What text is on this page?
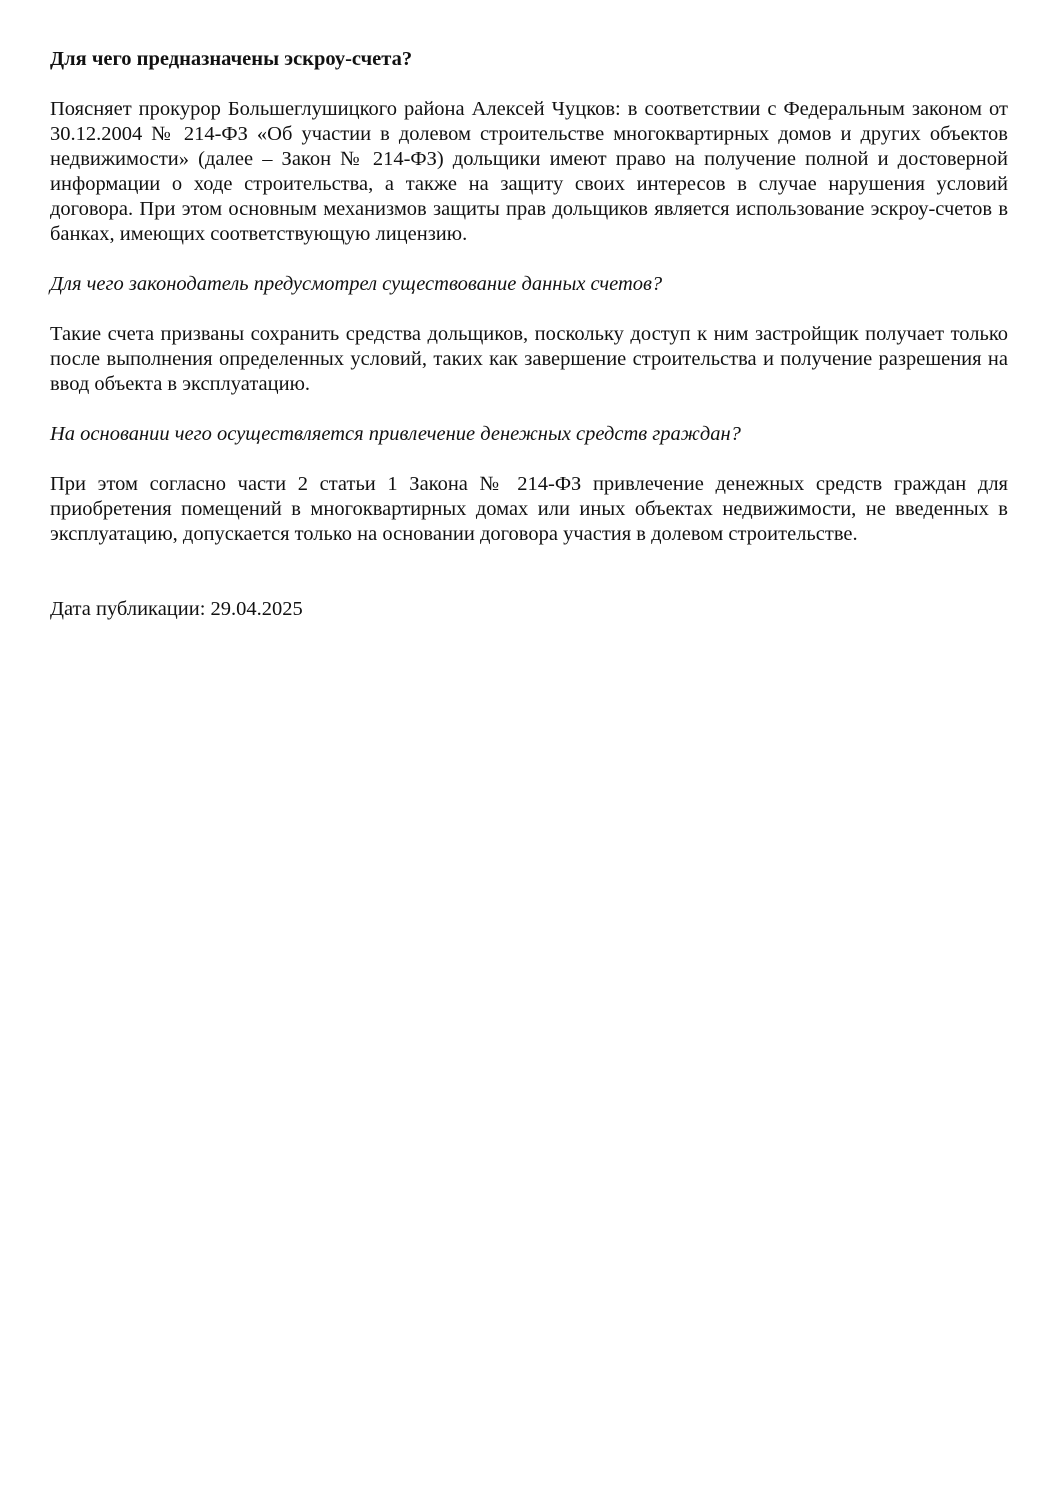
Для чего предназначены эскроу-счета?

Поясняет прокурор Большеглушицкого района Алексей Чуцков: в соответствии с Федеральным законом от 30.12.2004 № 214-ФЗ «Об участии в долевом строительстве многоквартирных домов и других объектов недвижимости» (далее – Закон № 214-ФЗ) дольщики имеют право на получение полной и достоверной информации о ходе строительства, а также на защиту своих интересов в случае нарушения условий договора. При этом основным механизмов защиты прав дольщиков является использование эскроу-счетов в банках, имеющих соответствующую лицензию.

Для чего законодатель предусмотрел существование данных счетов?

Такие счета призваны сохранить средства дольщиков, поскольку доступ к ним застройщик получает только после выполнения определенных условий, таких как завершение строительства и получение разрешения на ввод объекта в эксплуатацию.

На основании чего осуществляется привлечение денежных средств граждан?

При этом согласно части 2 статьи 1 Закона № 214-ФЗ привлечение денежных средств граждан для приобретения помещений в многоквартирных домах или иных объектах недвижимости, не введенных в эксплуатацию, допускается только на основании договора участия в долевом строительстве.

Дата публикации: 29.04.2025
